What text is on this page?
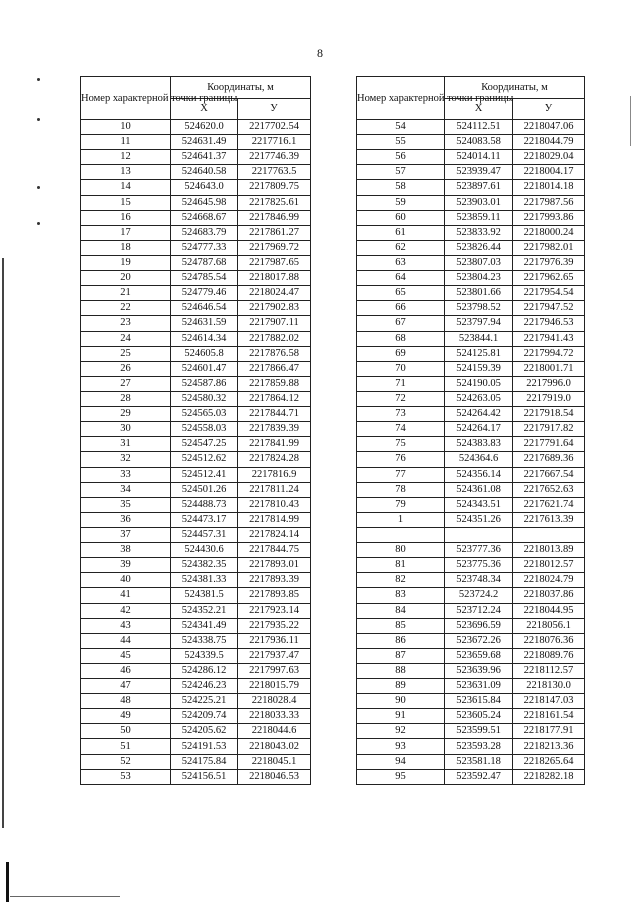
8
Номер характерной точки границы	Координаты, м	
	X	У
10	524620.0	2217702.54
11	524631.49	2217716.1
12	524641.37	2217746.39
13	524640.58	2217763.5
14	524643.0	2217809.75
15	524645.98	2217825.61
16	524668.67	2217846.99
17	524683.79	2217861.27
18	524777.33	2217969.72
19	524787.68	2217987.65
20	524785.54	2218017.88
21	524779.46	2218024.47
22	524646.54	2217902.83
23	524631.59	2217907.11
24	524614.34	2217882.02
25	524605.8	2217876.58
26	524601.47	2217866.47
27	524587.86	2217859.88
28	524580.32	2217864.12
29	524565.03	2217844.71
30	524558.03	2217839.39
31	524547.25	2217841.99
32	524512.62	2217824.28
33	524512.41	2217816.9
34	524501.26	2217811.24
35	524488.73	2217810.43
36	524473.17	2217814.99
37	524457.31	2217824.14
38	524430.6	2217844.75
39	524382.35	2217893.01
40	524381.33	2217893.39
41	524381.5	2217893.85
42	524352.21	2217923.14
43	524341.49	2217935.22
44	524338.75	2217936.11
45	524339.5	2217937.47
46	524286.12	2217997.63
47	524246.23	2218015.79
48	524225.21	2218028.4
49	524209.74	2218033.33
50	524205.62	2218044.6
51	524191.53	2218043.02
52	524175.84	2218045.1
53	524156.51	2218046.53
Номер характерной точки границы	Координаты, м	
	X	У
54	524112.51	2218047.06
55	524083.58	2218044.79
56	524014.11	2218029.04
57	523939.47	2218004.17
58	523897.61	2218014.18
59	523903.01	2217987.56
60	523859.11	2217993.86
61	523833.92	2218000.24
62	523826.44	2217982.01
63	523807.03	2217976.39
64	523804.23	2217962.65
65	523801.66	2217954.54
66	523798.52	2217947.52
67	523797.94	2217946.53
68	523844.1	2217941.43
69	524125.81	2217994.72
70	524159.39	2218001.71
71	524190.05	2217996.0
72	524263.05	2217919.0
73	524264.42	2217918.54
74	524264.17	2217917.82
75	524383.83	2217791.64
76	524364.6	2217689.36
77	524356.14	2217667.54
78	524361.08	2217652.63
79	524343.51	2217621.74
1	524351.26	2217613.39

80	523777.36	2218013.89
81	523775.36	2218012.57
82	523748.34	2218024.79
83	523724.2	2218037.86
84	523712.24	2218044.95
85	523696.59	2218056.1
86	523672.26	2218076.36
87	523659.68	2218089.76
88	523639.96	2218112.57
89	523631.09	2218130.0
90	523615.84	2218147.03
91	523605.24	2218161.54
92	523599.51	2218177.91
93	523593.28	2218213.36
94	523581.18	2218265.64
95	523592.47	2218282.18
